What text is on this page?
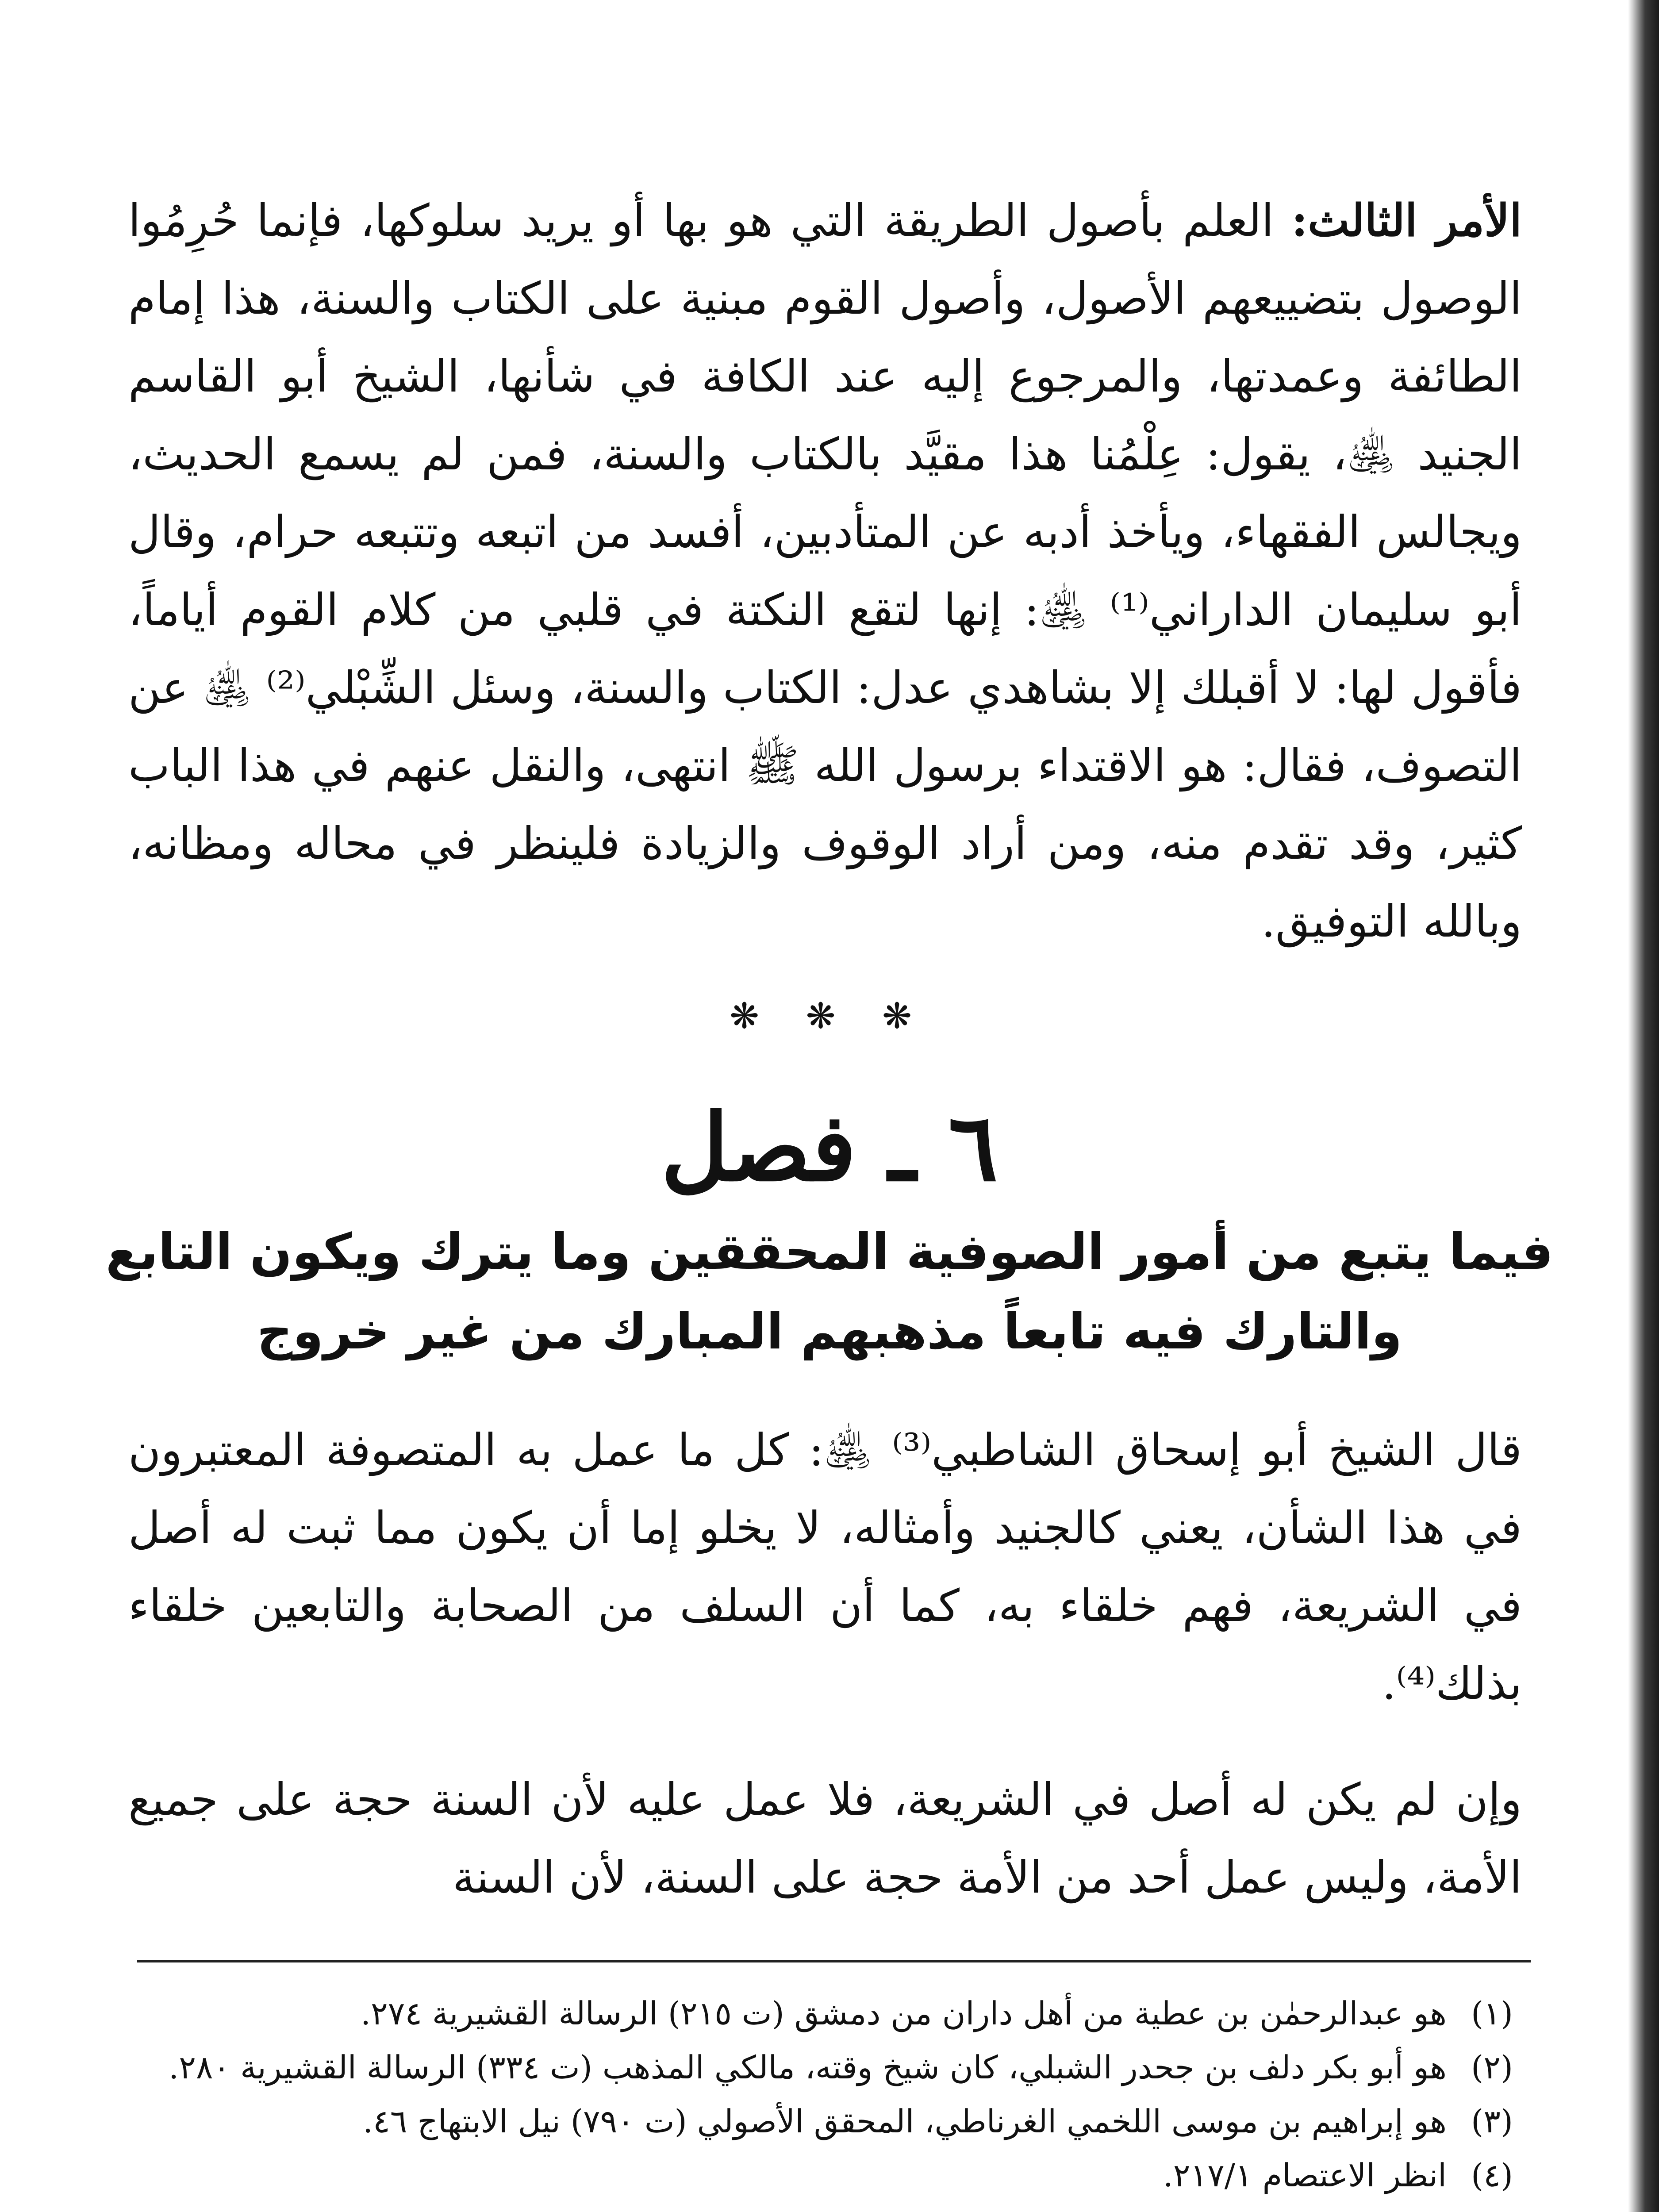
الأمر الثالث: العلم بأصول الطريقة التي هو بها أو يريد سلوكها، فإنما حُرِمُوا الوصول بتضييعهم الأصول، وأصول القوم مبنية على الكتاب والسنة، هذا إمام الطائفة وعمدتها، والمرجوع إليه عند الكافة في شأنها، الشيخ أبو القاسم الجنيد ﵁، يقول: عِلْمُنا هذا مقيَّد بالكتاب والسنة، فمن لم يسمع الحديث، ويجالس الفقهاء، ويأخذ أدبه عن المتأدبين، أفسد من اتبعه وتتبعه حرام، وقال أبو سليمان الداراني⁽¹⁾ ﵁: إنها لتقع النكتة في قلبي من كلام القوم أياماً، فأقول لها: لا أقبلك إلا بشاهدي عدل: الكتاب والسنة، وسئل الشِّبْلي⁽²⁾ ﵁ عن التصوف، فقال: هو الاقتداء برسول الله ﷺ انتهى، والنقل عنهم في هذا الباب كثير، وقد تقدم منه، ومن أراد الوقوف والزيادة فلينظر في محاله ومظانه، وبالله التوفيق.

❋ ❋ ❋
٦ ـ فصل
فيما يتبع من أمور الصوفية المحققين وما يترك ويكون التابع
والتارك فيه تابعاً مذهبهم المبارك من غير خروج

قال الشيخ أبو إسحاق الشاطبي⁽³⁾ ﵁: كل ما عمل به المتصوفة المعتبرون في هذا الشأن، يعني كالجنيد وأمثاله، لا يخلو إما أن يكون مما ثبت له أصل في الشريعة، فهم خلقاء به، كما أن السلف من الصحابة والتابعين خلقاء بذلك⁽⁴⁾.

وإن لم يكن له أصل في الشريعة، فلا عمل عليه لأن السنة حجة على جميع الأمة، وليس عمل أحد من الأمة حجة على السنة، لأن السنة

(١)
هو عبدالرحمٰن بن عطية من أهل داران من دمشق (ت ٢١٥) الرسالة القشيرية ٢٧٤.
(٢)
هو أبو بكر دلف بن جحدر الشبلي، كان شيخ وقته، مالكي المذهب (ت ٣٣٤) الرسالة القشيرية ٢٨٠.
(٣)
هو إبراهيم بن موسى اللخمي الغرناطي، المحقق الأصولي (ت ٧٩٠) نيل الابتهاج ٤٦.
(٤)
انظر الاعتصام ٢١٧/١.
